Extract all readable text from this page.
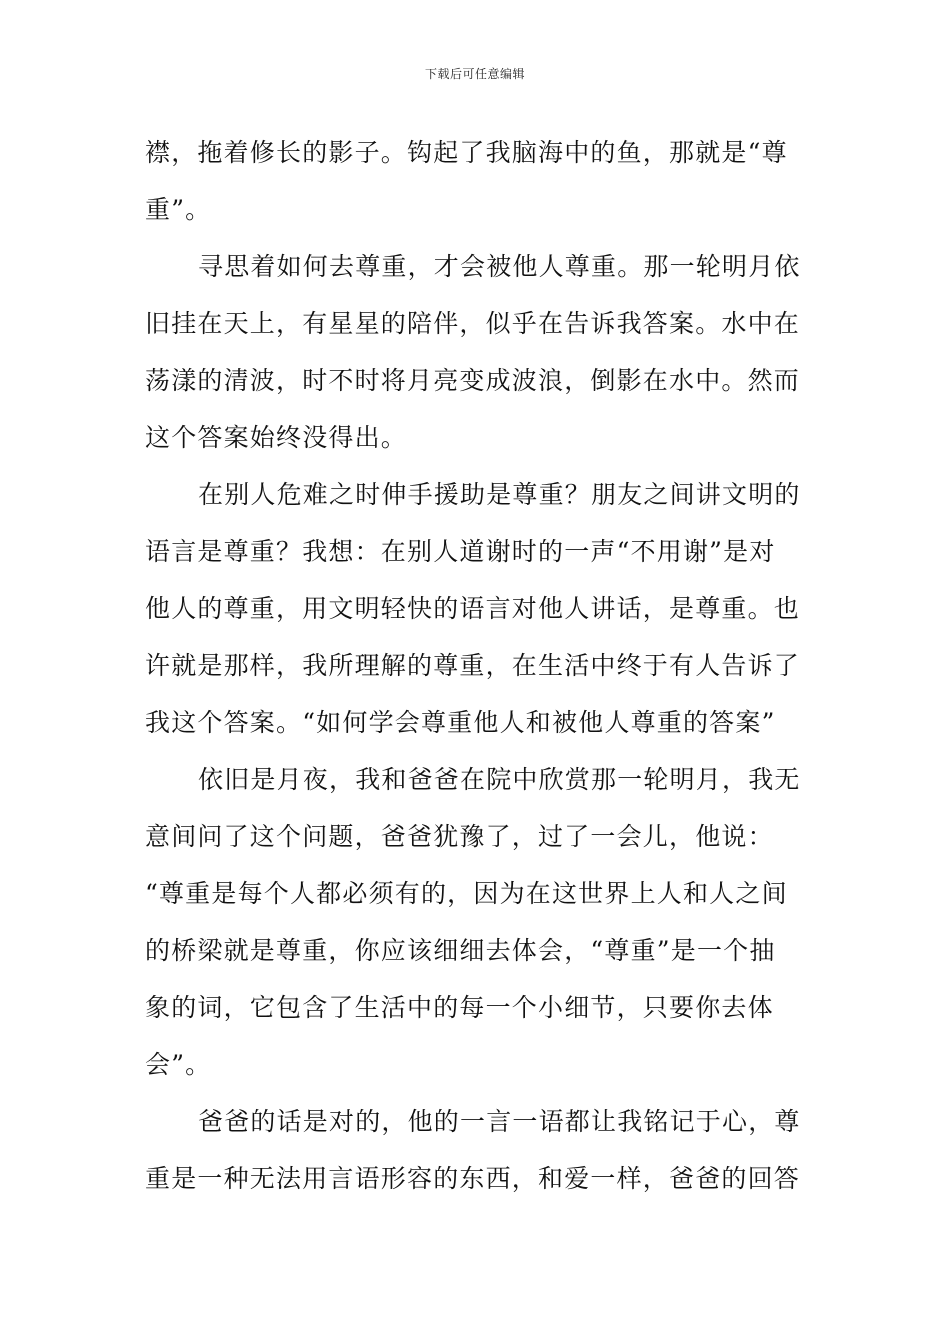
下载后可任意编辑
襟，拖着修长的影子。钩起了我脑海中的鱼，那就是“尊
重”。
寻思着如何去尊重，才会被他人尊重。那一轮明月依
旧挂在天上，有星星的陪伴，似乎在告诉我答案。水中在
荡漾的清波，时不时将月亮变成波浪，倒影在水中。然而
这个答案始终没得出。
在别人危难之时伸手援助是尊重？朋友之间讲文明的
语言是尊重？我想：在别人道谢时的一声“不用谢”是对
他人的尊重，用文明轻快的语言对他人讲话，是尊重。也
许就是那样，我所理解的尊重，在生活中终于有人告诉了
我这个答案。“如何学会尊重他人和被他人尊重的答案”
依旧是月夜，我和爸爸在院中欣赏那一轮明月，我无
意间问了这个问题，爸爸犹豫了，过了一会儿，他说：
“尊重是每个人都必须有的，因为在这世界上人和人之间
的桥梁就是尊重，你应该细细去体会，“尊重”是一个抽
象的词，它包含了生活中的每一个小细节，只要你去体
会”。
爸爸的话是对的，他的一言一语都让我铭记于心，尊
重是一种无法用言语形容的东西，和爱一样，爸爸的回答
